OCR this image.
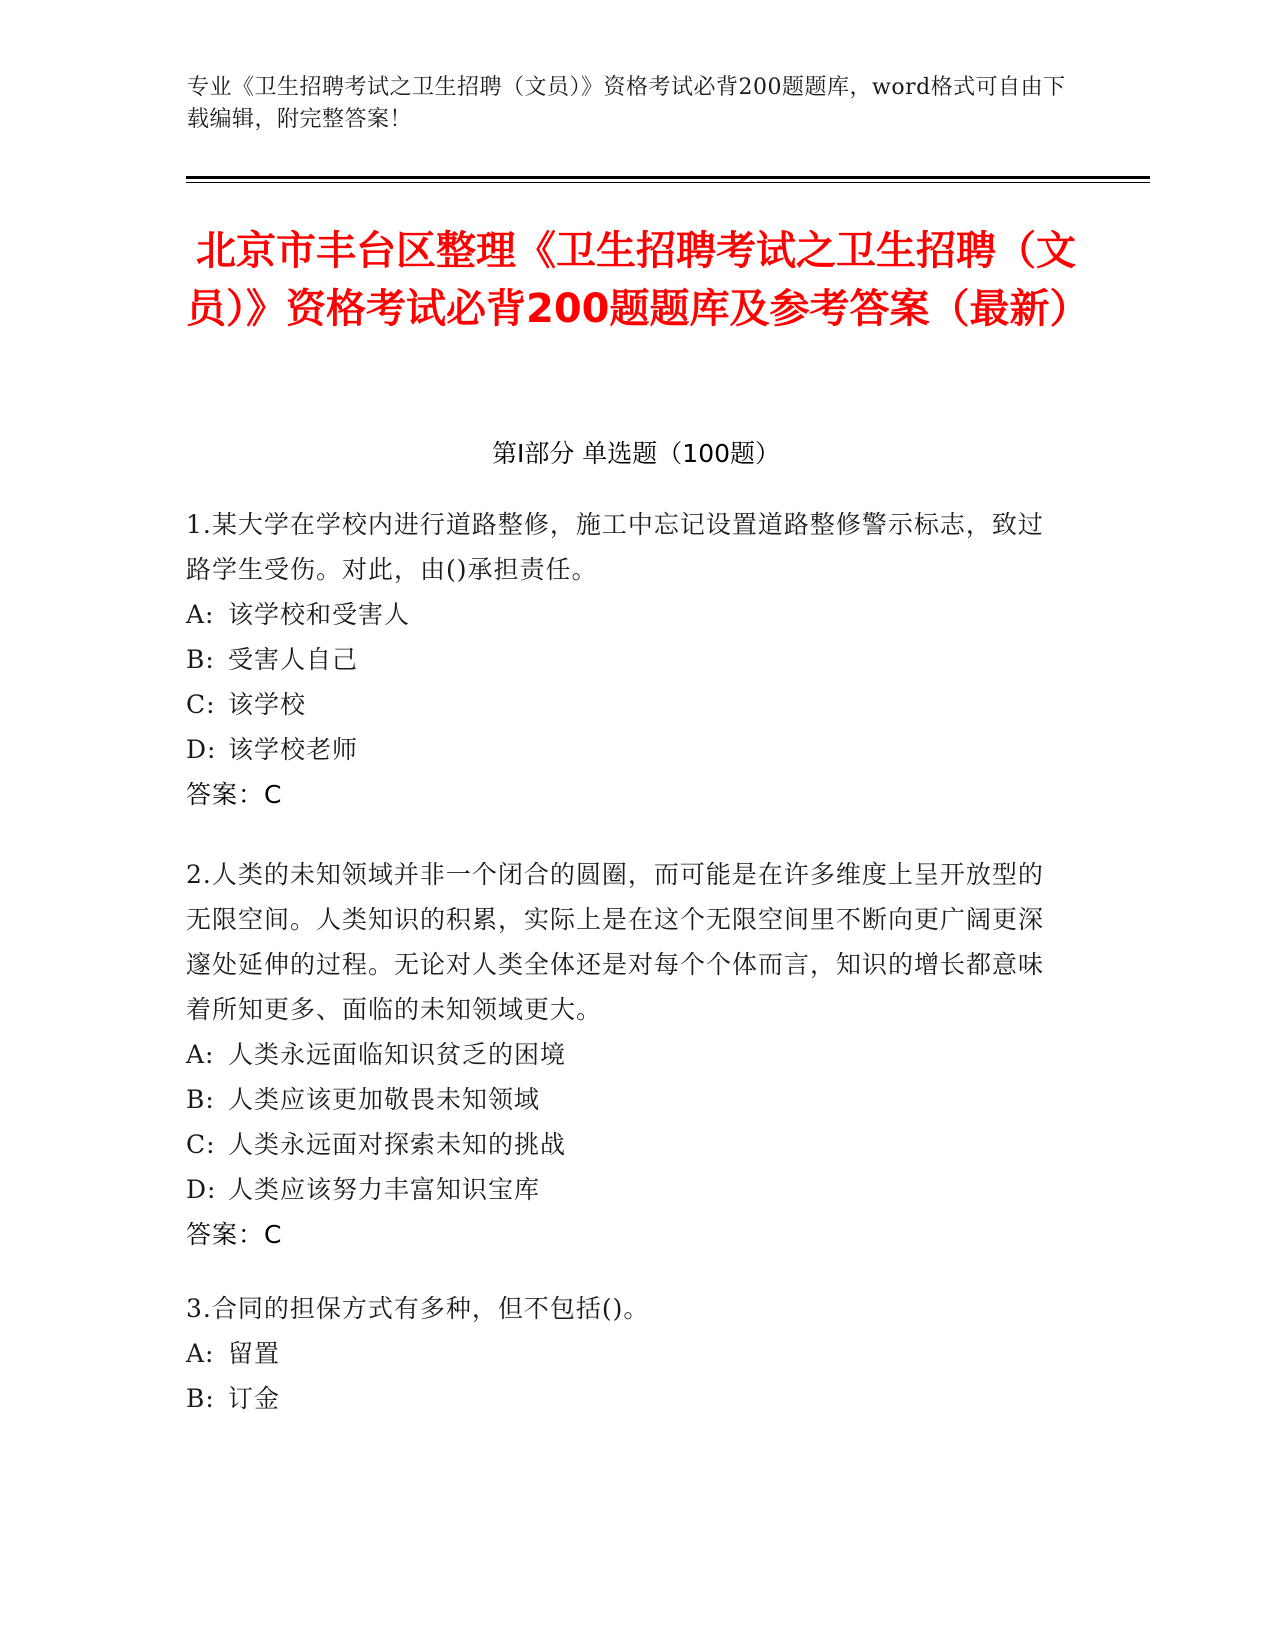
专业《卫生招聘考试之卫生招聘（文员）》资格考试必背200题题库，word格式可自由下载编辑，附完整答案！
北京市丰台区整理《卫生招聘考试之卫生招聘（文员）》资格考试必背200题题库及参考答案（最新）
第Ⅰ部分 单选题（100题）
1.某大学在学校内进行道路整修，施工中忘记设置道路整修警示标志，致过路学生受伤。对此，由()承担责任。
A: 该学校和受害人
B: 受害人自己
C: 该学校
D: 该学校老师
答案：C
2.人类的未知领域并非一个闭合的圆圈，而可能是在许多维度上呈开放型的无限空间。人类知识的积累，实际上是在这个无限空间里不断向更广阔更深邃处延伸的过程。无论对人类全体还是对每个个体而言，知识的增长都意味着所知更多、面临的未知领域更大。
A: 人类永远面临知识贫乏的困境
B: 人类应该更加敬畏未知领域
C: 人类永远面对探索未知的挑战
D: 人类应该努力丰富知识宝库
答案：C
3.合同的担保方式有多种，但不包括()。
A: 留置
B: 订金
